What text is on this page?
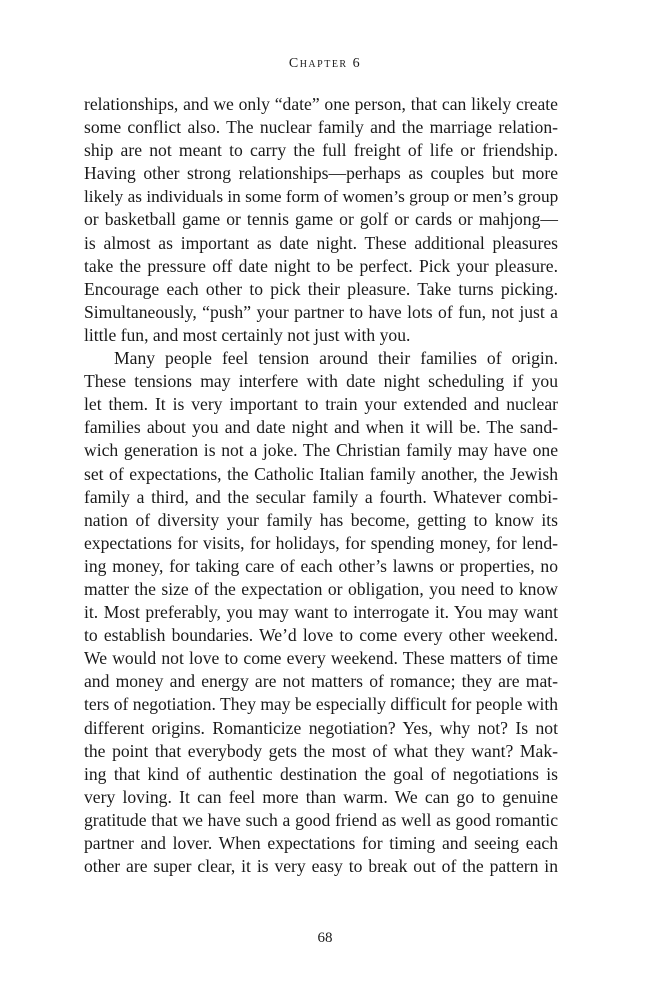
Chapter 6
relationships, and we only “date” one person, that can likely create
some conflict also. The nuclear family and the marriage relation-
ship are not meant to carry the full freight of life or friendship.
Having other strong relationships—perhaps as couples but more
likely as individuals in some form of women’s group or men’s group
or basketball game or tennis game or golf or cards or mahjong—
is almost as important as date night. These additional pleasures
take the pressure off date night to be perfect. Pick your pleasure.
Encourage each other to pick their pleasure. Take turns picking.
Simultaneously, “push” your partner to have lots of fun, not just a
little fun, and most certainly not just with you.
Many people feel tension around their families of origin.
These tensions may interfere with date night scheduling if you
let them. It is very important to train your extended and nuclear
families about you and date night and when it will be. The sand-
wich generation is not a joke. The Christian family may have one
set of expectations, the Catholic Italian family another, the Jewish
family a third, and the secular family a fourth. Whatever combi-
nation of diversity your family has become, getting to know its
expectations for visits, for holidays, for spending money, for lend-
ing money, for taking care of each other’s lawns or properties, no
matter the size of the expectation or obligation, you need to know
it. Most preferably, you may want to interrogate it. You may want
to establish boundaries. We’d love to come every other weekend.
We would not love to come every weekend. These matters of time
and money and energy are not matters of romance; they are mat-
ters of negotiation. They may be especially difficult for people with
different origins. Romanticize negotiation? Yes, why not? Is not
the point that everybody gets the most of what they want? Mak-
ing that kind of authentic destination the goal of negotiations is
very loving. It can feel more than warm. We can go to genuine
gratitude that we have such a good friend as well as good romantic
partner and lover. When expectations for timing and seeing each
other are super clear, it is very easy to break out of the pattern in
68
